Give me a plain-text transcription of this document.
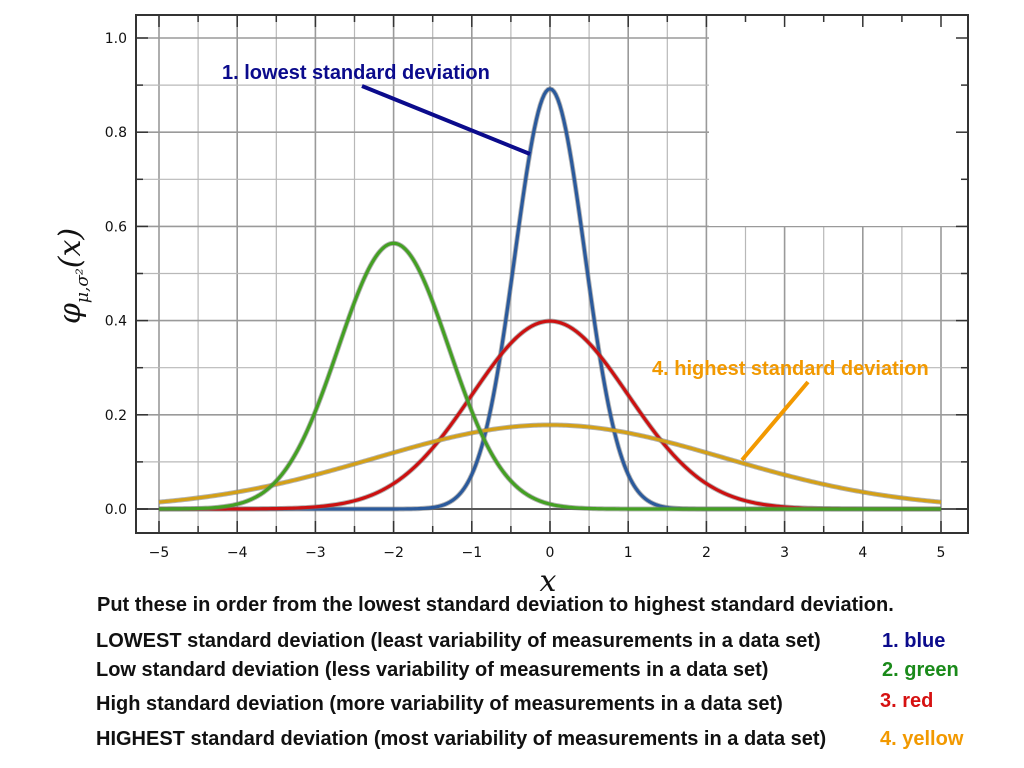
−5	−4	−3	−2	−1	0	1	2	3	4	5
0.0
0.2
0.4
0.6
0.8
1.0
1. lowest standard deviation
4. highest standard deviation
x
$\varphi_{\mu,\sigma^2}(x)$
Put these in order from the lowest standard deviation to highest standard deviation.
LOWEST standard deviation (least variability of measurements in a data set)	1. blue
Low standard deviation (less variability of measurements in a data set)	2. green
High standard deviation (more variability of measurements in a data set)	3. red
HIGHEST standard deviation (most variability of measurements in a data set)	4. yellow
